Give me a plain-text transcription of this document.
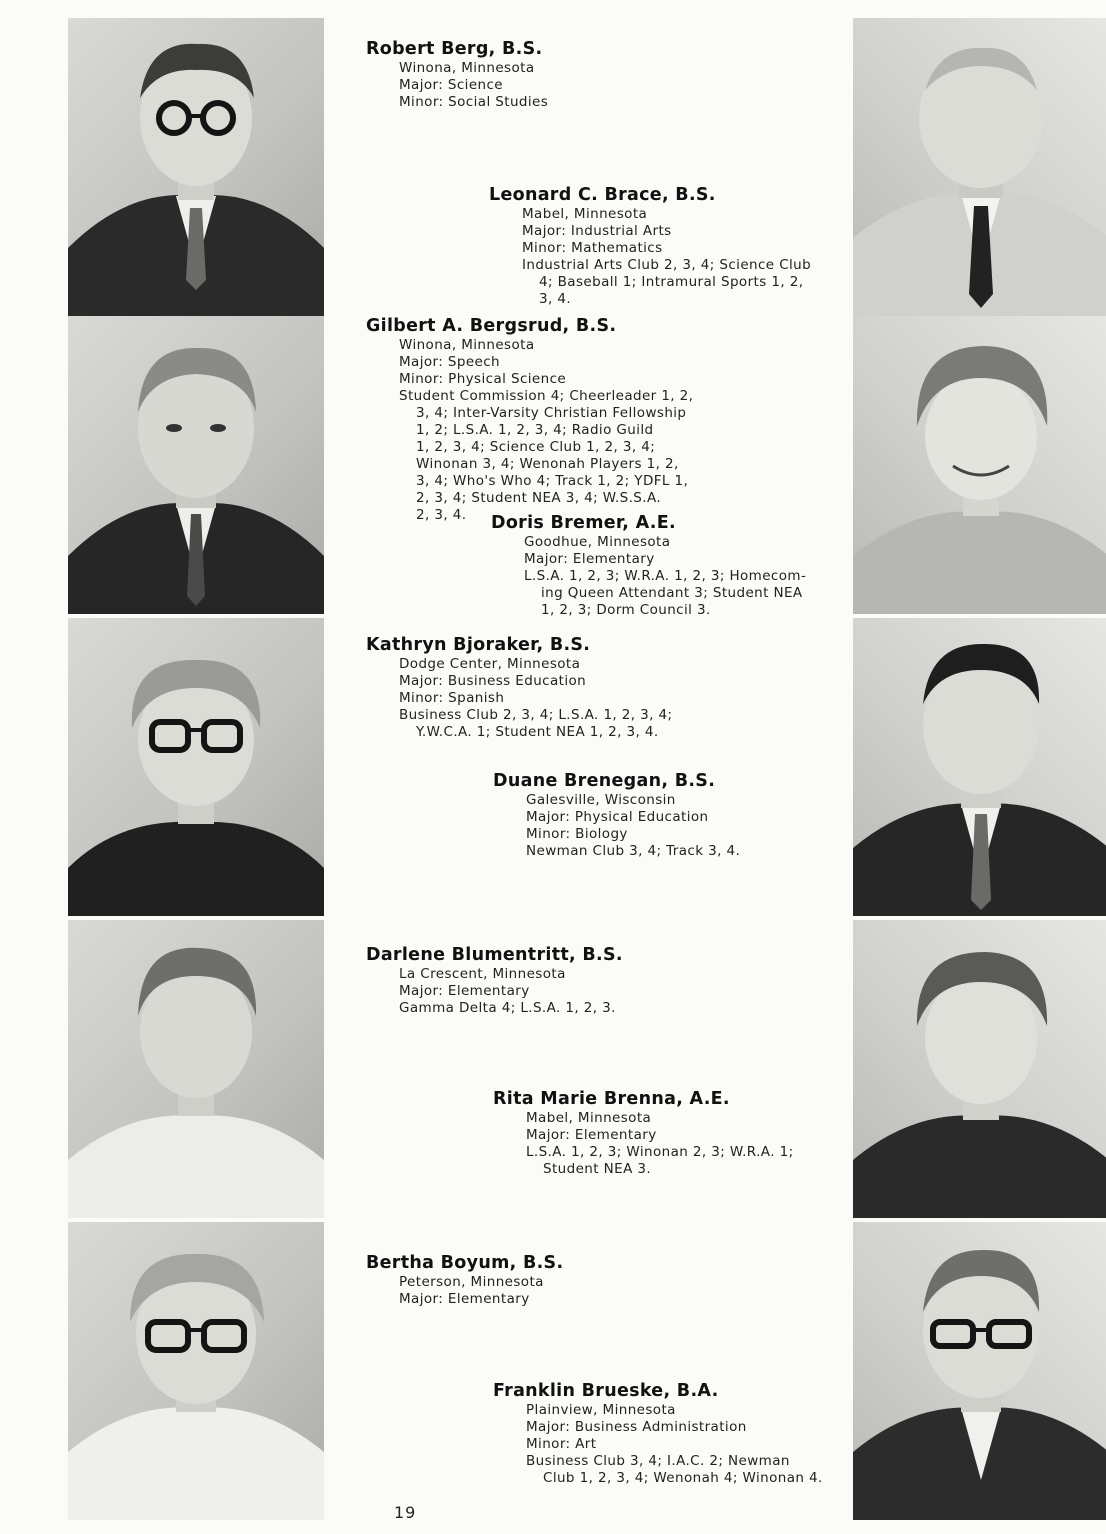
Robert Berg, B.S.
Winona, Minnesota
Major: Science
Minor: Social Studies
Leonard C. Brace, B.S.
Mabel, Minnesota
Major: Industrial Arts
Minor: Mathematics
Industrial Arts Club 2, 3, 4; Science Club
4; Baseball 1; Intramural Sports 1, 2,
3, 4.
Gilbert A. Bergsrud, B.S.
Winona, Minnesota
Major: Speech
Minor: Physical Science
Student Commission 4; Cheerleader 1, 2,
3, 4; Inter-Varsity Christian Fellowship
1, 2; L.S.A. 1, 2, 3, 4; Radio Guild
1, 2, 3, 4; Science Club 1, 2, 3, 4;
Winonan 3, 4; Wenonah Players 1, 2,
3, 4; Who's Who 4; Track 1, 2; YDFL 1,
2, 3, 4; Student NEA 3, 4; W.S.S.A.
2, 3, 4.	Doris Bremer, A.E.
Goodhue, Minnesota
Major: Elementary
L.S.A. 1, 2, 3; W.R.A. 1, 2, 3; Homecom-
ing Queen Attendant 3; Student NEA
1, 2, 3; Dorm Council 3.
Kathryn Bjoraker, B.S.
Dodge Center, Minnesota
Major: Business Education
Minor: Spanish
Business Club 2, 3, 4; L.S.A. 1, 2, 3, 4;
Y.W.C.A. 1; Student NEA 1, 2, 3, 4.
Duane Brenegan, B.S.
Galesville, Wisconsin
Major: Physical Education
Minor: Biology
Newman Club 3, 4; Track 3, 4.
Darlene Blumentritt, B.S.
La Crescent, Minnesota
Major: Elementary
Gamma Delta 4; L.S.A. 1, 2, 3.
Rita Marie Brenna, A.E.
Mabel, Minnesota
Major: Elementary
L.S.A. 1, 2, 3; Winonan 2, 3; W.R.A. 1;
Student NEA 3.
Bertha Boyum, B.S.
Peterson, Minnesota
Major: Elementary
Franklin Brueske, B.A.
Plainview, Minnesota
Major: Business Administration
Minor: Art
Business Club 3, 4; I.A.C. 2; Newman
Club 1, 2, 3, 4; Wenonah 4; Winonan 4.
19
